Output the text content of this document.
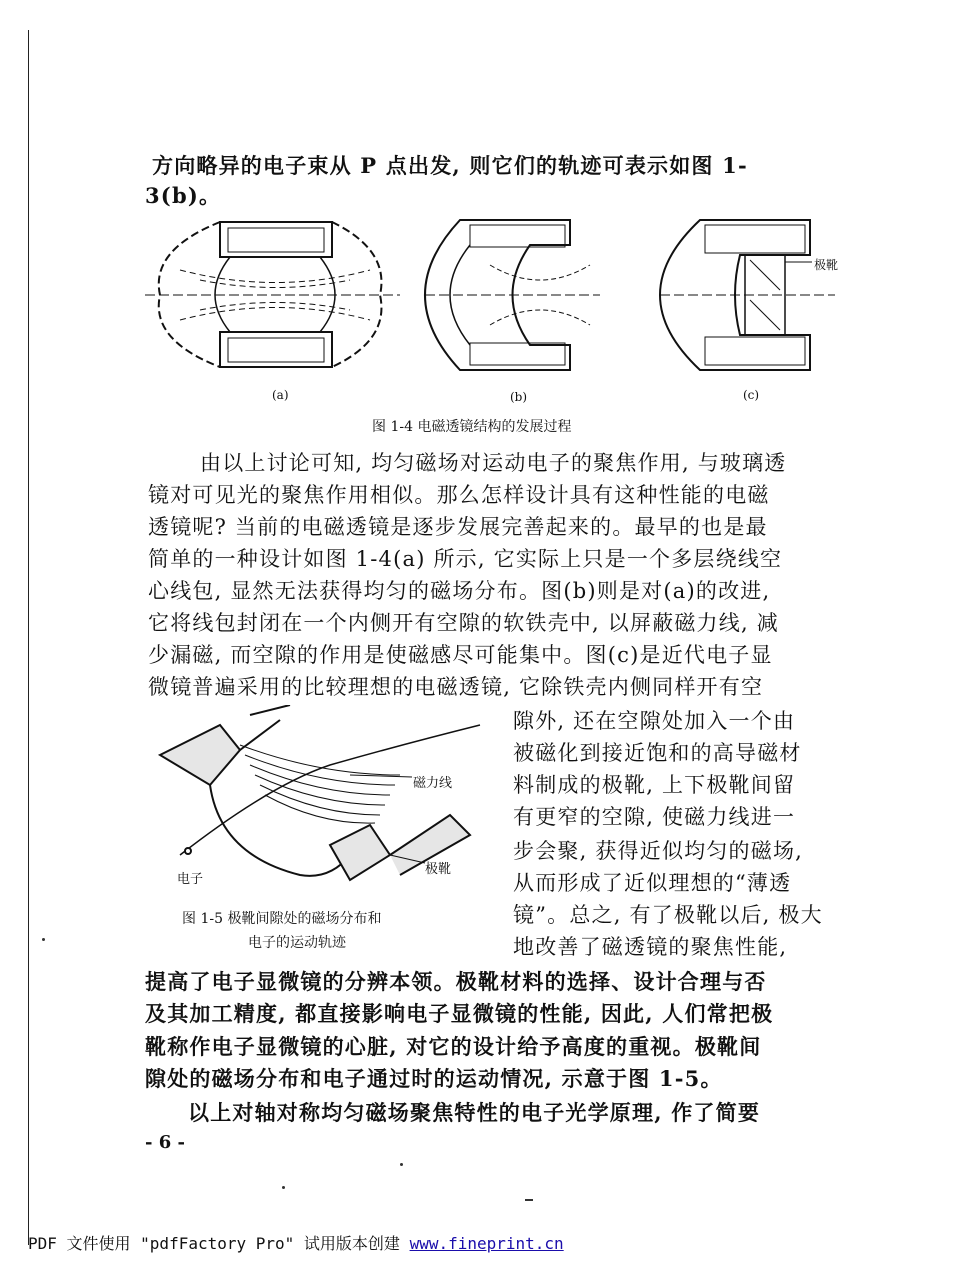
方向略异的电子束从 P 点出发, 则它们的轨迹可表示如图 1-
3(b)。
(a)	(b)	(c)
极靴
图 1-4 电磁透镜结构的发展过程
由以上讨论可知, 均匀磁场对运动电子的聚焦作用, 与玻璃透
镜对可见光的聚焦作用相似。那么怎样设计具有这种性能的电磁
透镜呢? 当前的电磁透镜是逐步发展完善起来的。最早的也是最
简单的一种设计如图 1-4(a) 所示, 它实际上只是一个多层绕线空
心线包, 显然无法获得均匀的磁场分布。图(b)则是对(a)的改进,
它将线包封闭在一个内侧开有空隙的软铁壳中, 以屏蔽磁力线, 减
少漏磁, 而空隙的作用是使磁感尽可能集中。图(c)是近代电子显
微镜普遍采用的比较理想的电磁透镜, 它除铁壳内侧同样开有空
隙外, 还在空隙处加入一个由
被磁化到接近饱和的高导磁材
料制成的极靴, 上下极靴间留
有更窄的空隙, 使磁力线进一
步会聚, 获得近似均匀的磁场,
从而形成了近似理想的“薄透
镜”。总之, 有了极靴以后, 极大
地改善了磁透镜的聚焦性能,
磁力线
极靴
电子
图 1-5 极靴间隙处的磁场分布和
电子的运动轨迹
提高了电子显微镜的分辨本领。极靴材料的选择、设计合理与否
及其加工精度, 都直接影响电子显微镜的性能, 因此, 人们常把极
靴称作电子显微镜的心脏, 对它的设计给予高度的重视。极靴间
隙处的磁场分布和电子通过时的运动情况, 示意于图 1-5。
以上对轴对称均匀磁场聚焦特性的电子光学原理, 作了简要
- 6 -
PDF 文件使用 "pdfFactory Pro" 试用版本创建 www.fineprint.cn
